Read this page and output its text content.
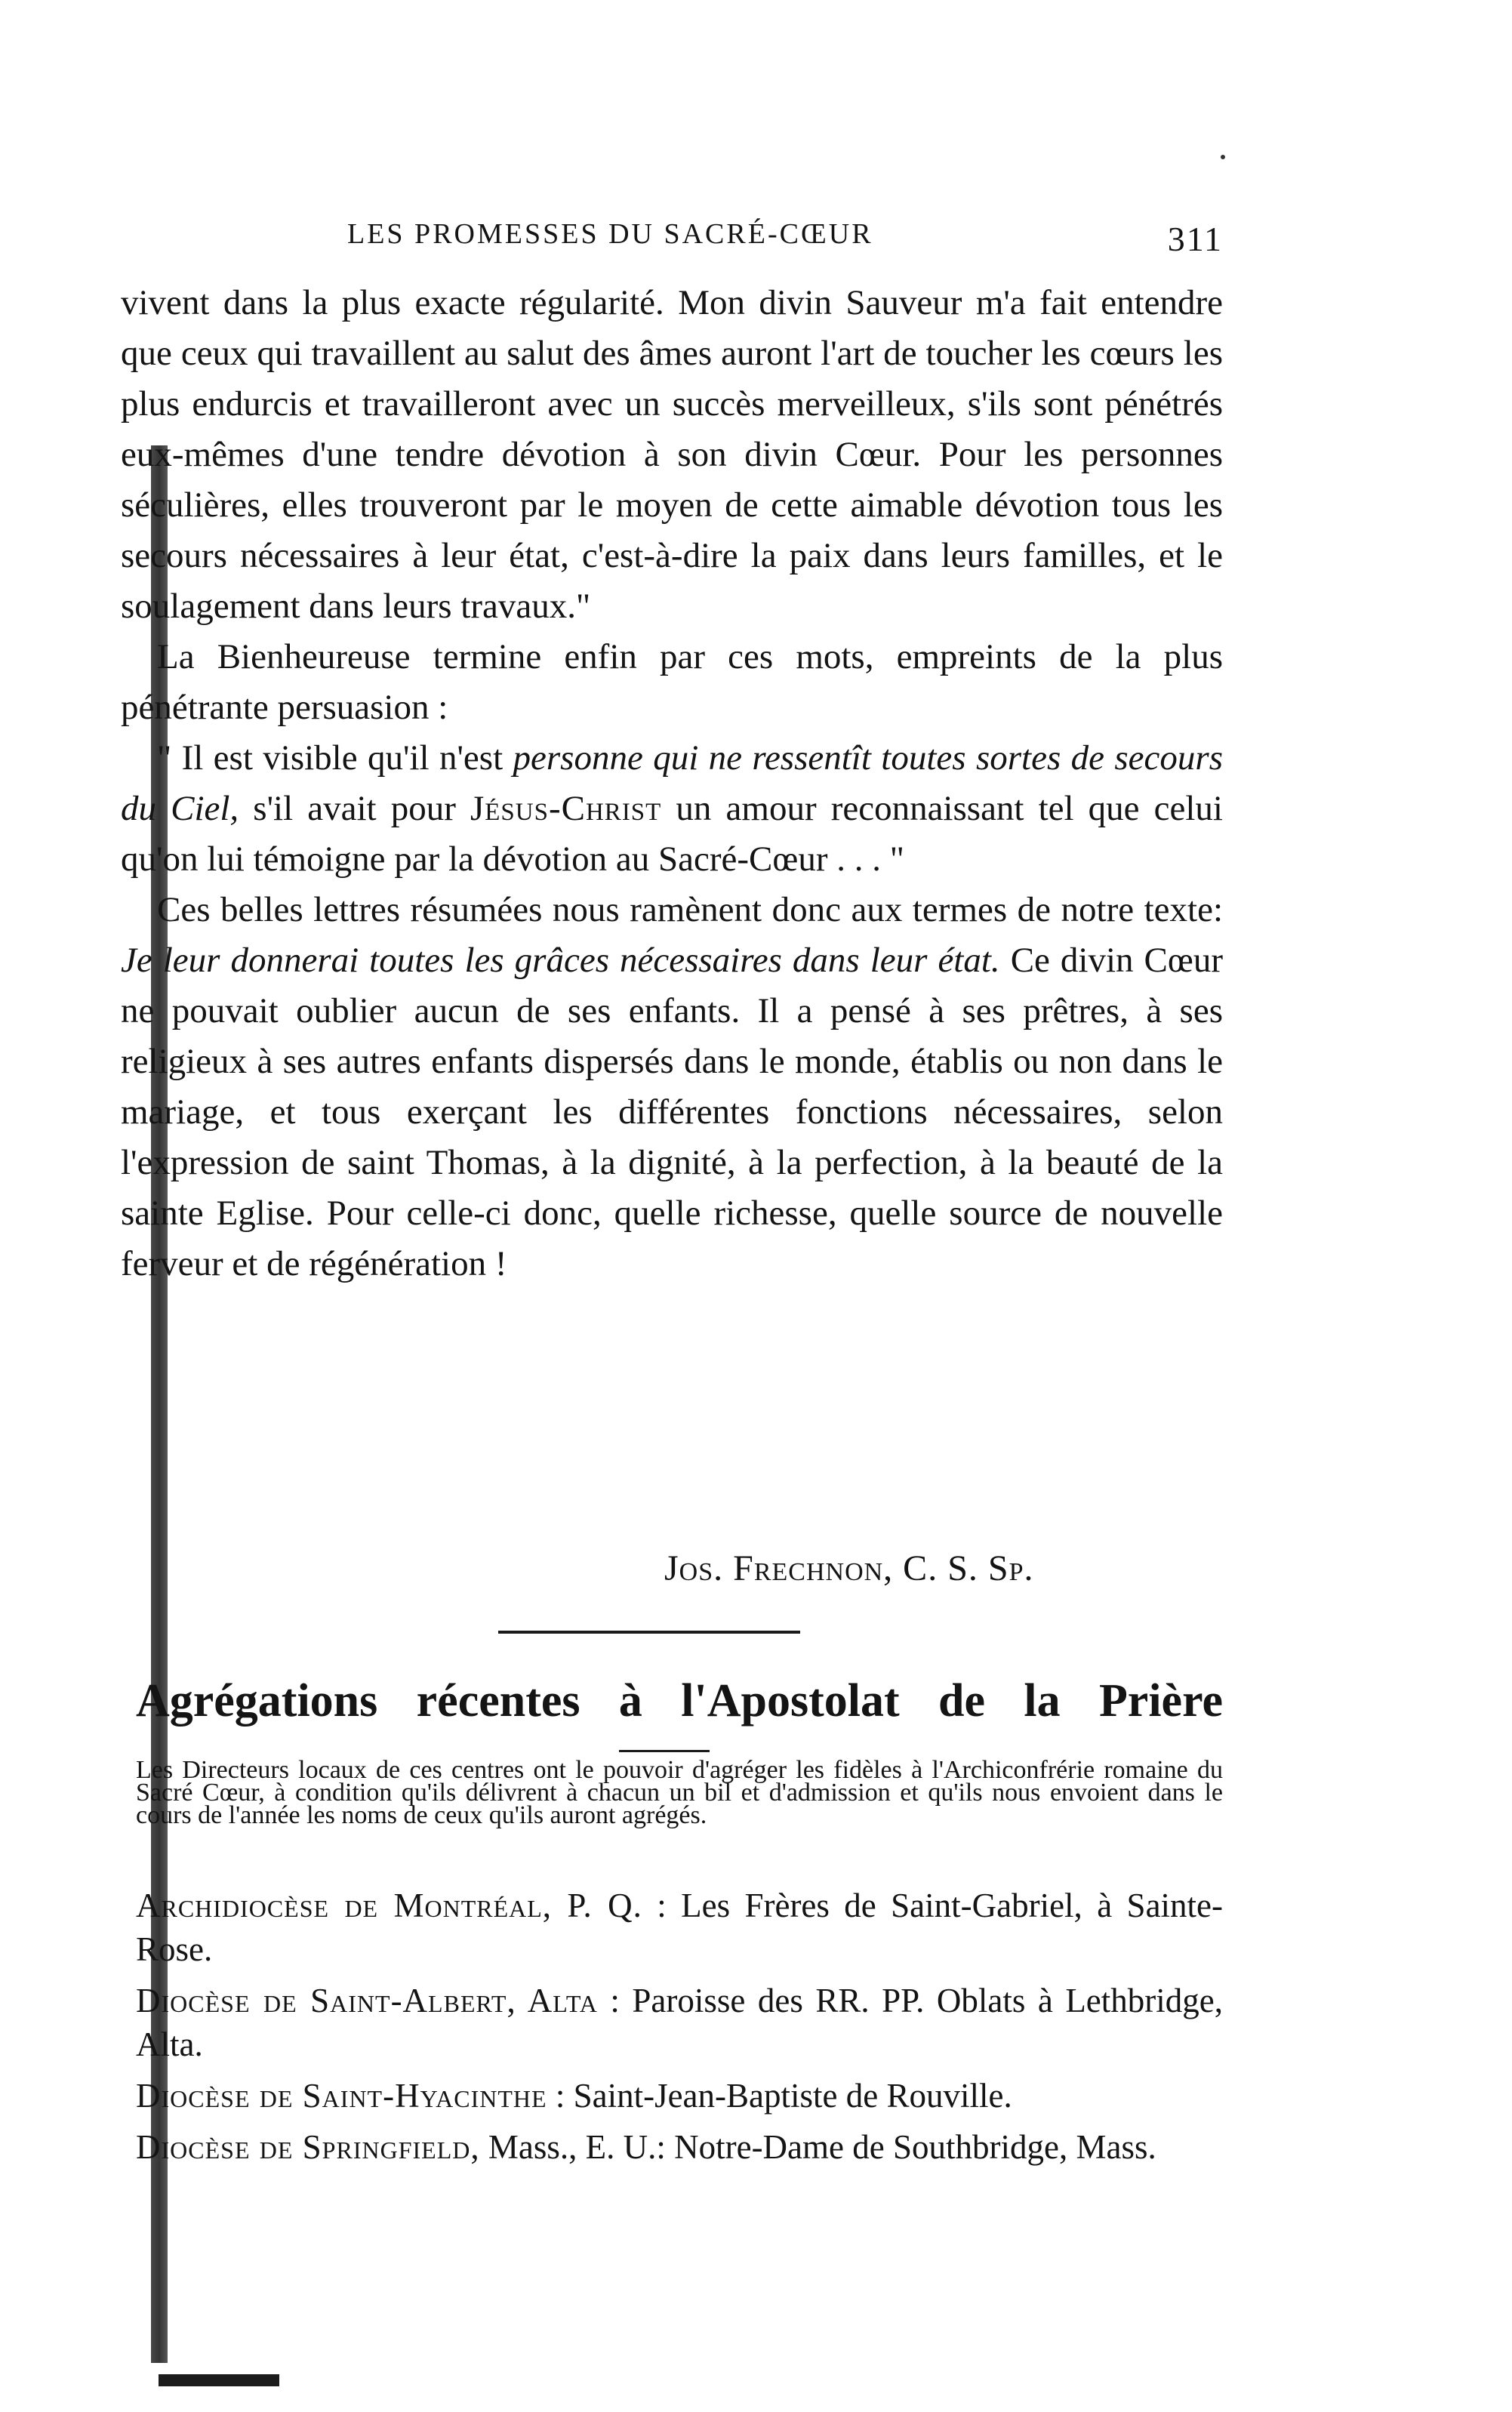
LES PROMESSES DU SACRÉ-CŒUR	311

vivent dans la plus exacte régularité. Mon divin Sauveur m'a fait entendre que ceux qui travaillent au salut des âmes auront l'art de toucher les cœurs les plus endurcis et travailleront avec un succès merveilleux, s'ils sont pénétrés eux-mêmes d'une tendre dévotion à son divin Cœur. Pour les personnes séculières, elles trouveront par le moyen de cette aimable dévotion tous les secours nécessaires à leur état, c'est-à-dire la paix dans leurs familles, et le soulagement dans leurs travaux."

La Bienheureuse termine enfin par ces mots, empreints de la plus pénétrante persuasion :

" Il est visible qu'il n'est personne qui ne ressentît toutes sortes de secours du Ciel, s'il avait pour Jésus-Christ un amour reconnaissant tel que celui qu'on lui témoigne par la dévotion au Sacré-Cœur . . . "

Ces belles lettres résumées nous ramènent donc aux termes de notre texte: Je leur donnerai toutes les grâces nécessaires dans leur état. Ce divin Cœur ne pouvait oublier aucun de ses enfants. Il a pensé à ses prêtres, à ses religieux à ses autres enfants dispersés dans le monde, établis ou non dans le mariage, et tous exerçant les différentes fonctions nécessaires, selon l'expression de saint Thomas, à la dignité, à la perfection, à la beauté de la sainte Eglise. Pour celle-ci donc, quelle richesse, quelle source de nouvelle ferveur et de régénération !

Jos. Frechnon, C. S. Sp.
Agrégations récentes à l'Apostolat de la Prière
Les Directeurs locaux de ces centres ont le pouvoir d'agréger les fidèles à l'Archiconfrérie romaine du Sacré Cœur, à condition qu'ils délivrent à chacun un bil et d'admission et qu'ils nous envoient dans le cours de l'année les noms de ceux qu'ils auront agrégés.

Archidiocèse de Montréal, P. Q. : Les Frères de Saint-Gabriel, à Sainte-Rose.

Diocèse de Saint-Albert, Alta : Paroisse des RR. PP. Oblats à Lethbridge, Alta.

Diocèse de Saint-Hyacinthe : Saint-Jean-Baptiste de Rouville.

Diocèse de Springfield, Mass., E. U.: Notre-Dame de Southbridge, Mass.
